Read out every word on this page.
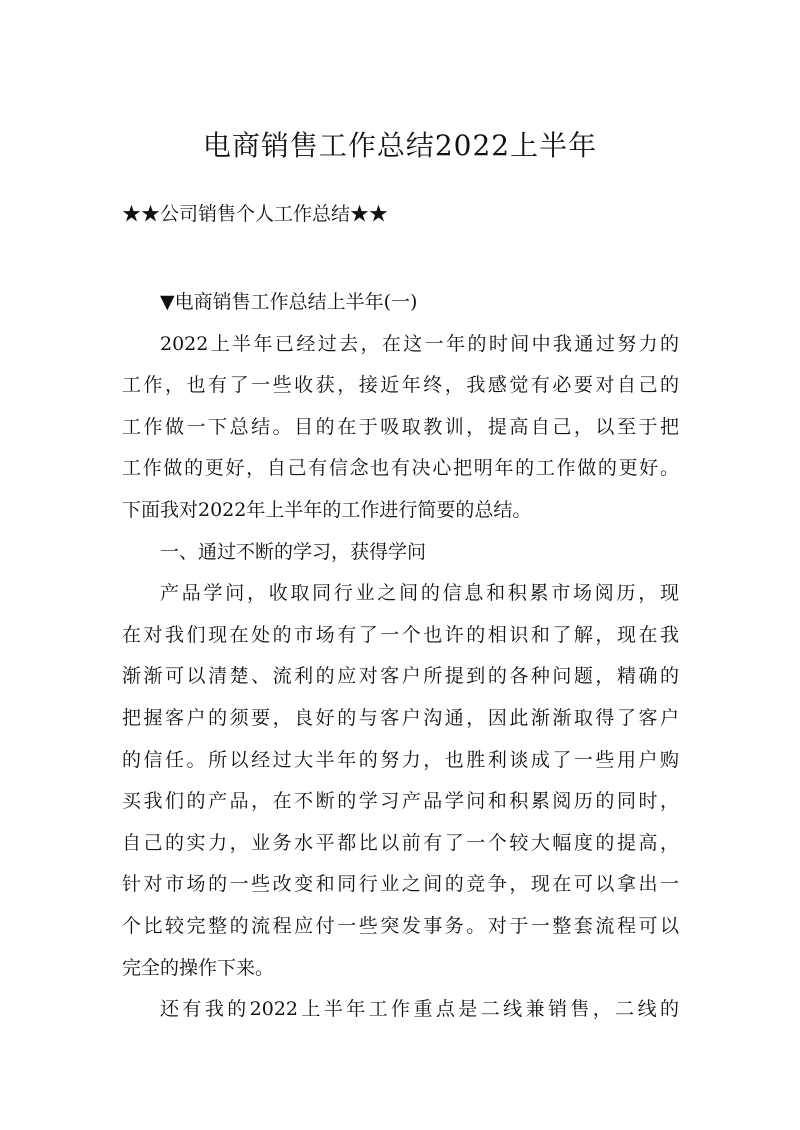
电商销售工作总结2022上半年

★★公司销售个人工作总结★★

▼电商销售工作总结上半年(一)
2022上半年已经过去，在这一年的时间中我通过努力的
工作，也有了一些收获，接近年终，我感觉有必要对自己的
工作做一下总结。目的在于吸取教训，提高自己，以至于把
工作做的更好，自己有信念也有决心把明年的工作做的更好。
下面我对2022年上半年的工作进行简要的总结。
一、通过不断的学习，获得学问
产品学问，收取同行业之间的信息和积累市场阅历，现
在对我们现在处的市场有了一个也许的相识和了解，现在我
渐渐可以清楚、流利的应对客户所提到的各种问题，精确的
把握客户的须要，良好的与客户沟通，因此渐渐取得了客户
的信任。所以经过大半年的努力，也胜利谈成了一些用户购
买我们的产品，在不断的学习产品学问和积累阅历的同时，
自己的实力，业务水平都比以前有了一个较大幅度的提高，
针对市场的一些改变和同行业之间的竞争，现在可以拿出一
个比较完整的流程应付一些突发事务。对于一整套流程可以
完全的操作下来。
还有我的2022上半年工作重点是二线兼销售，二线的
